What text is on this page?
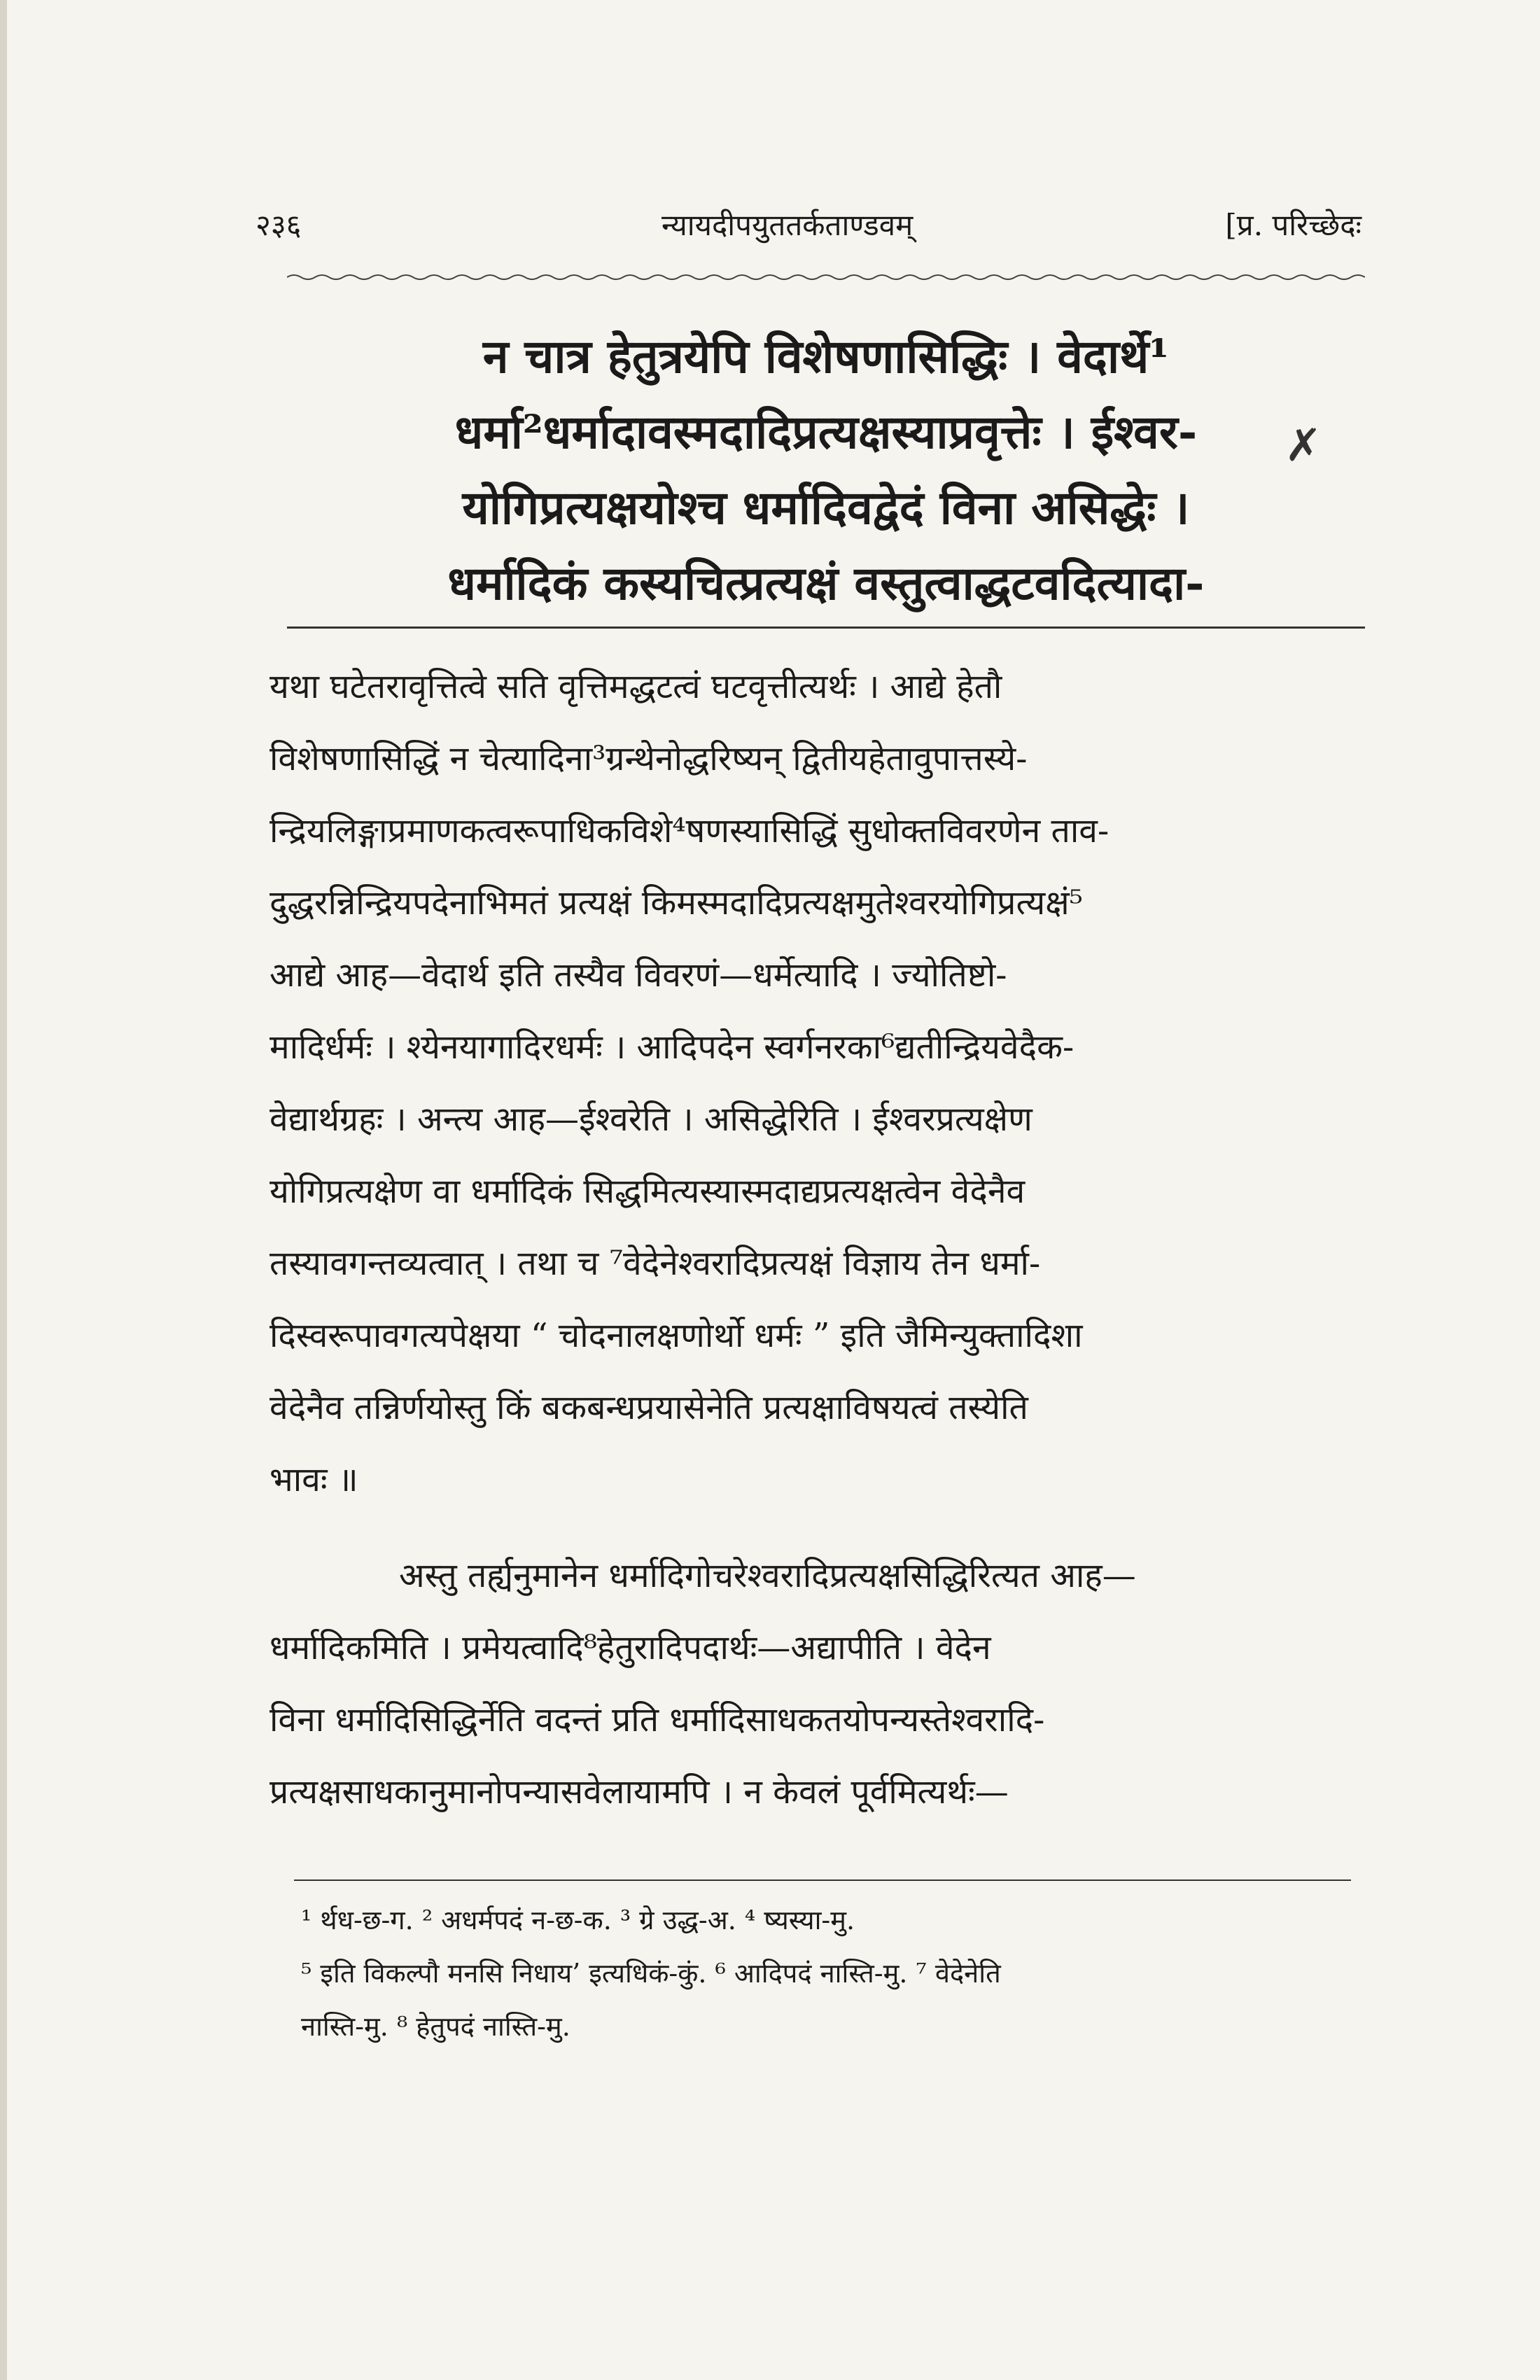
२३६	न्यायदीपयुततर्कताण्डवम्	[प्र. परिच्छेदः
न चात्र हेतुत्रयेपि विशेषणासिद्धिः । वेदार्थे¹
धर्मा²धर्मादावस्मदादिप्रत्यक्षस्याप्रवृत्तेः । ईश्वर-
योगिप्रत्यक्षयोश्च धर्मादिवद्वेदं विना असिद्धेः ।
धर्मादिकं कस्यचित्प्रत्यक्षं वस्तुत्वाद्धटवदित्यादा-
✗
यथा घटेतरावृत्तित्वे सति वृत्तिमद्धटत्वं घटवृत्तीत्यर्थः । आद्ये हेतौ
विशेषणासिद्धिं न चेत्यादिना³ग्रन्थेनोद्धरिष्यन् द्वितीयहेतावुपात्तस्ये-
न्द्रियलिङ्गाप्रमाणकत्वरूपाधिकविशे⁴षणस्यासिद्धिं सुधोक्तविवरणेन ताव-
दुद्धरन्निन्द्रियपदेनाभिमतं प्रत्यक्षं किमस्मदादिप्रत्यक्षमुतेश्वरयोगिप्रत्यक्षं⁵
आद्ये आह—वेदार्थ इति तस्यैव विवरणं—धर्मेत्यादि । ज्योतिष्टो-
मादिर्धर्मः । श्येनयागादिरधर्मः । आदिपदेन स्वर्गनरका⁶द्यतीन्द्रियवेदैक-
वेद्यार्थग्रहः । अन्त्य आह—ईश्वरेति । असिद्धेरिति । ईश्वरप्रत्यक्षेण
योगिप्रत्यक्षेण वा धर्मादिकं सिद्धमित्यस्यास्मदाद्यप्रत्यक्षत्वेन वेदेनैव
तस्यावगन्तव्यत्वात् । तथा च ⁷वेदेनेश्वरादिप्रत्यक्षं विज्ञाय तेन धर्मा-
दिस्वरूपावगत्यपेक्षया “ चोदनालक्षणोर्थो धर्मः ” इति जैमिन्युक्तादिशा
वेदेनैव तन्निर्णयोस्तु किं बकबन्धप्रयासेनेति प्रत्यक्षाविषयत्वं तस्येति
भावः ॥
अस्तु तर्ह्यनुमानेन धर्मादिगोचरेश्वरादिप्रत्यक्षसिद्धिरित्यत आह—
धर्मादिकमिति । प्रमेयत्वादि⁸हेतुरादिपदार्थः—अद्यापीति । वेदेन
विना धर्मादिसिद्धिर्नेति वदन्तं प्रति धर्मादिसाधकतयोपन्यस्तेश्वरादि-
प्रत्यक्षसाधकानुमानोपन्यासवेलायामपि । न केवलं पूर्वमित्यर्थः—
¹ र्थध-छ-ग. ² अधर्मपदं न-छ-क. ³ ग्रे उद्ध-अ. ⁴ ष्यस्या-मु.
⁵ इति विकल्पौ मनसि निधाय’ इत्यधिकं-कुं. ⁶ आदिपदं नास्ति-मु. ⁷ वेदेनेति
नास्ति-मु. ⁸ हेतुपदं नास्ति-मु.
